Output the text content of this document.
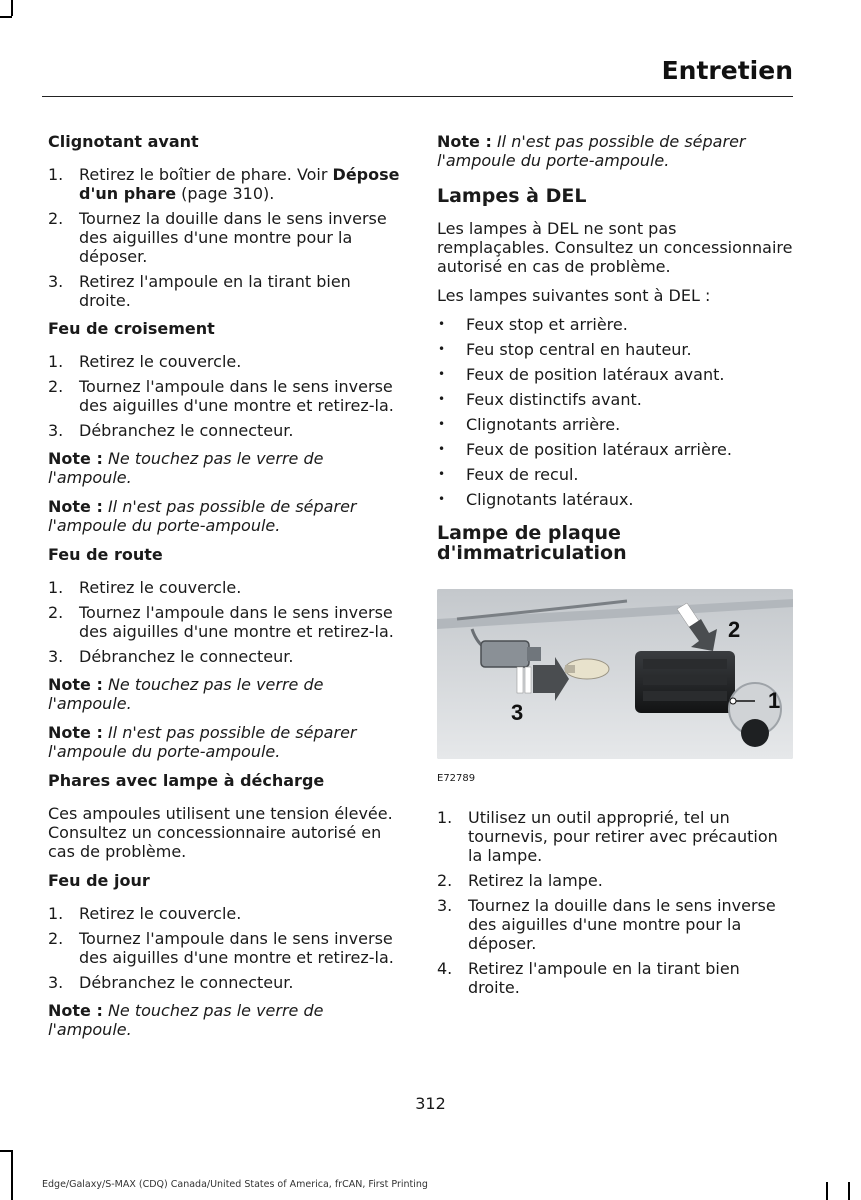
Entretien
Clignotant avant
1. Retirez le boîtier de phare. Voir Dépose d'un phare (page 310).
2. Tournez la douille dans le sens inverse des aiguilles d'une montre pour la déposer.
3. Retirez l'ampoule en la tirant bien droite.
Feu de croisement
1. Retirez le couvercle.
2. Tournez l'ampoule dans le sens inverse des aiguilles d'une montre et retirez-la.
3. Débranchez le connecteur.
Note : Ne touchez pas le verre de l'ampoule.
Note : Il n'est pas possible de séparer l'ampoule du porte-ampoule.
Feu de route
1. Retirez le couvercle.
2. Tournez l'ampoule dans le sens inverse des aiguilles d'une montre et retirez-la.
3. Débranchez le connecteur.
Note : Ne touchez pas le verre de l'ampoule.
Note : Il n'est pas possible de séparer l'ampoule du porte-ampoule.
Phares avec lampe à décharge

Ces ampoules utilisent une tension élevée. Consultez un concessionnaire autorisé en cas de problème.

Feu de jour
1. Retirez le couvercle.
2. Tournez l'ampoule dans le sens inverse des aiguilles d'une montre et retirez-la.
3. Débranchez le connecteur.
Note : Ne touchez pas le verre de l'ampoule.
Note : Il n'est pas possible de séparer l'ampoule du porte-ampoule.
Lampes à DEL

Les lampes à DEL ne sont pas remplaçables. Consultez un concessionnaire autorisé en cas de problème.

Les lampes suivantes sont à DEL :

• Feux stop et arrière.
• Feu stop central en hauteur.
• Feux de position latéraux avant.
• Feux distinctifs avant.
• Clignotants arrière.
• Feux de position latéraux arrière.
• Feux de recul.
• Clignotants latéraux.
Lampe de plaque
d'immatriculation
1
2
3
E72789
1. Utilisez un outil approprié, tel un tournevis, pour retirer avec précaution la lampe.
2. Retirez la lampe.
3. Tournez la douille dans le sens inverse des aiguilles d'une montre pour la déposer.
4. Retirez l'ampoule en la tirant bien droite.
312
Edge/Galaxy/S-MAX (CDQ) Canada/United States of America, frCAN, First Printing
